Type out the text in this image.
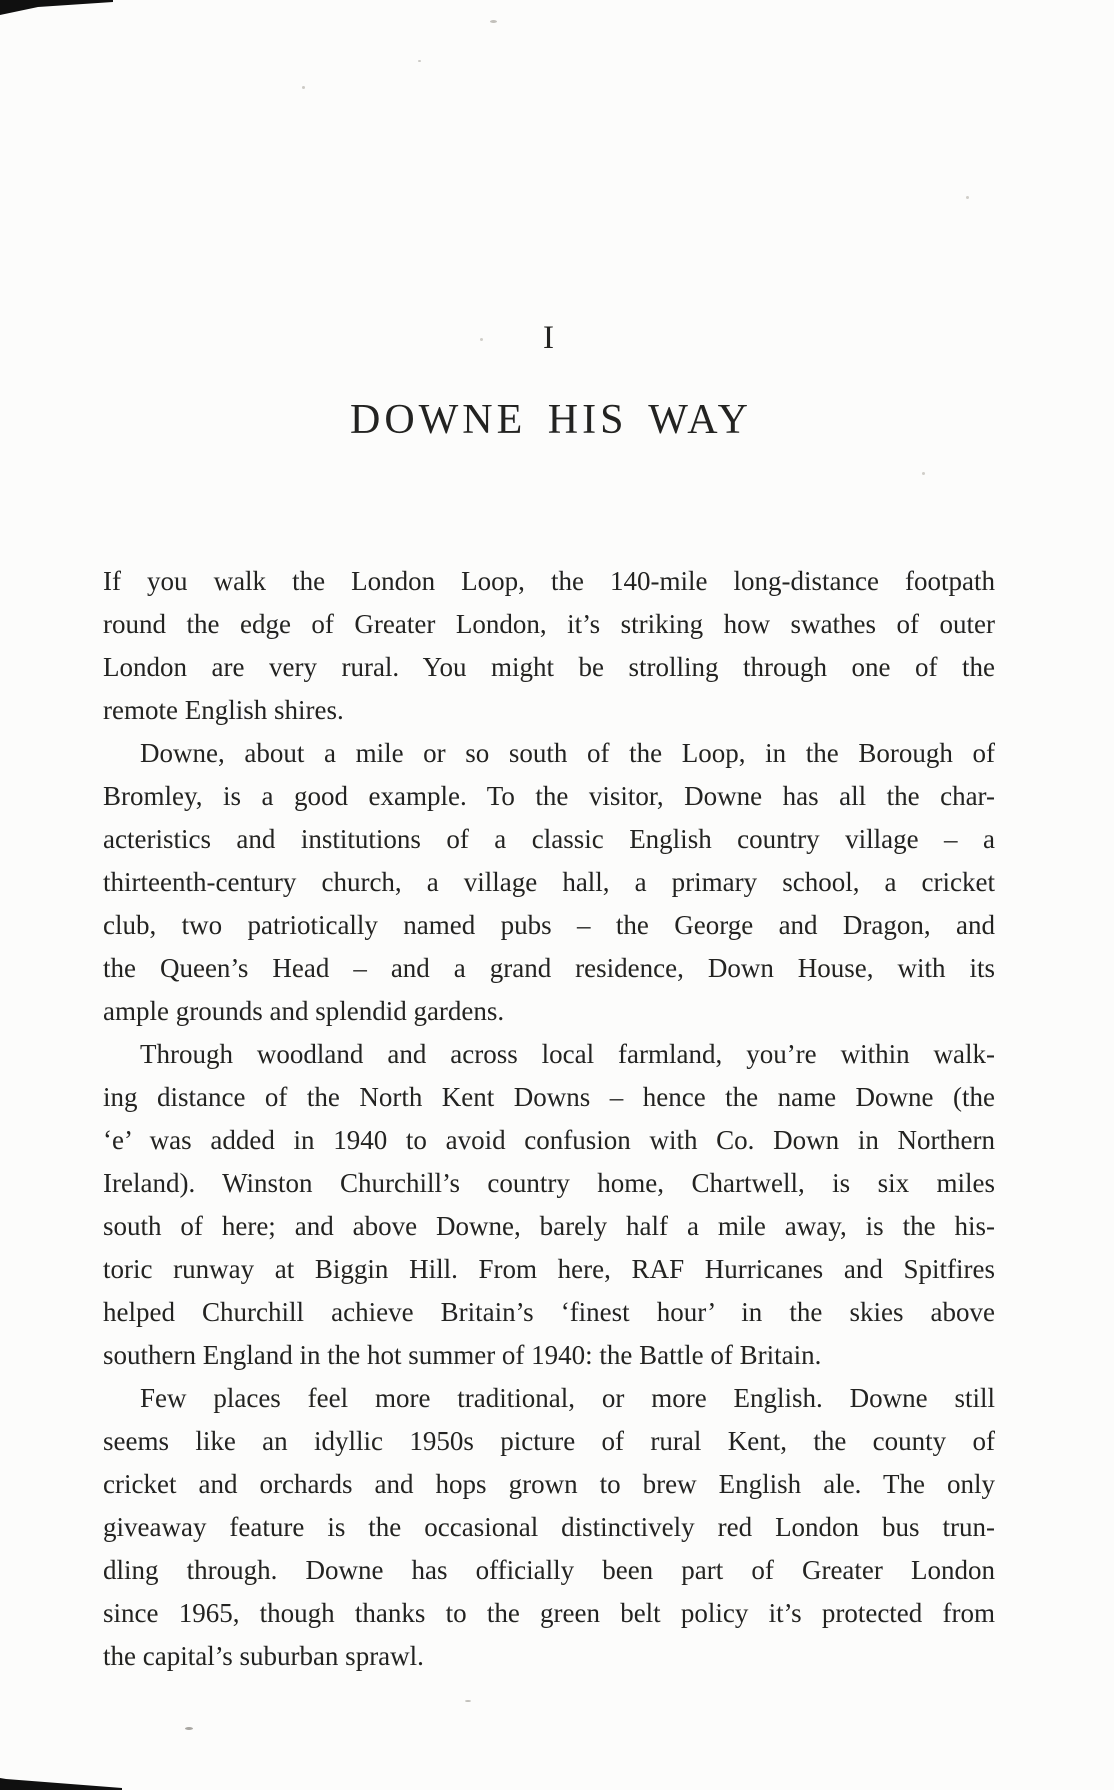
I
DOWNE HIS WAY
If you walk the London Loop, the 140-mile long-distance footpath
round the edge of Greater London, it’s striking how swathes of outer
London are very rural. You might be strolling through one of the
remote English shires.
Downe, about a mile or so south of the Loop, in the Borough of
Bromley, is a good example. To the visitor, Downe has all the char-
acteristics and institutions of a classic English country village – a
thirteenth-century church, a village hall, a primary school, a cricket
club, two patriotically named pubs – the George and Dragon, and
the Queen’s Head – and a grand residence, Down House, with its
ample grounds and splendid gardens.
Through woodland and across local farmland, you’re within walk-
ing distance of the North Kent Downs – hence the name Downe (the
‘e’ was added in 1940 to avoid confusion with Co. Down in Northern
Ireland). Winston Churchill’s country home, Chartwell, is six miles
south of here; and above Downe, barely half a mile away, is the his-
toric runway at Biggin Hill. From here, RAF Hurricanes and Spitfires
helped Churchill achieve Britain’s ‘finest hour’ in the skies above
southern England in the hot summer of 1940: the Battle of Britain.
Few places feel more traditional, or more English. Downe still
seems like an idyllic 1950s picture of rural Kent, the county of
cricket and orchards and hops grown to brew English ale. The only
giveaway feature is the occasional distinctively red London bus trun-
dling through. Downe has officially been part of Greater London
since 1965, though thanks to the green belt policy it’s protected from
the capital’s suburban sprawl.
